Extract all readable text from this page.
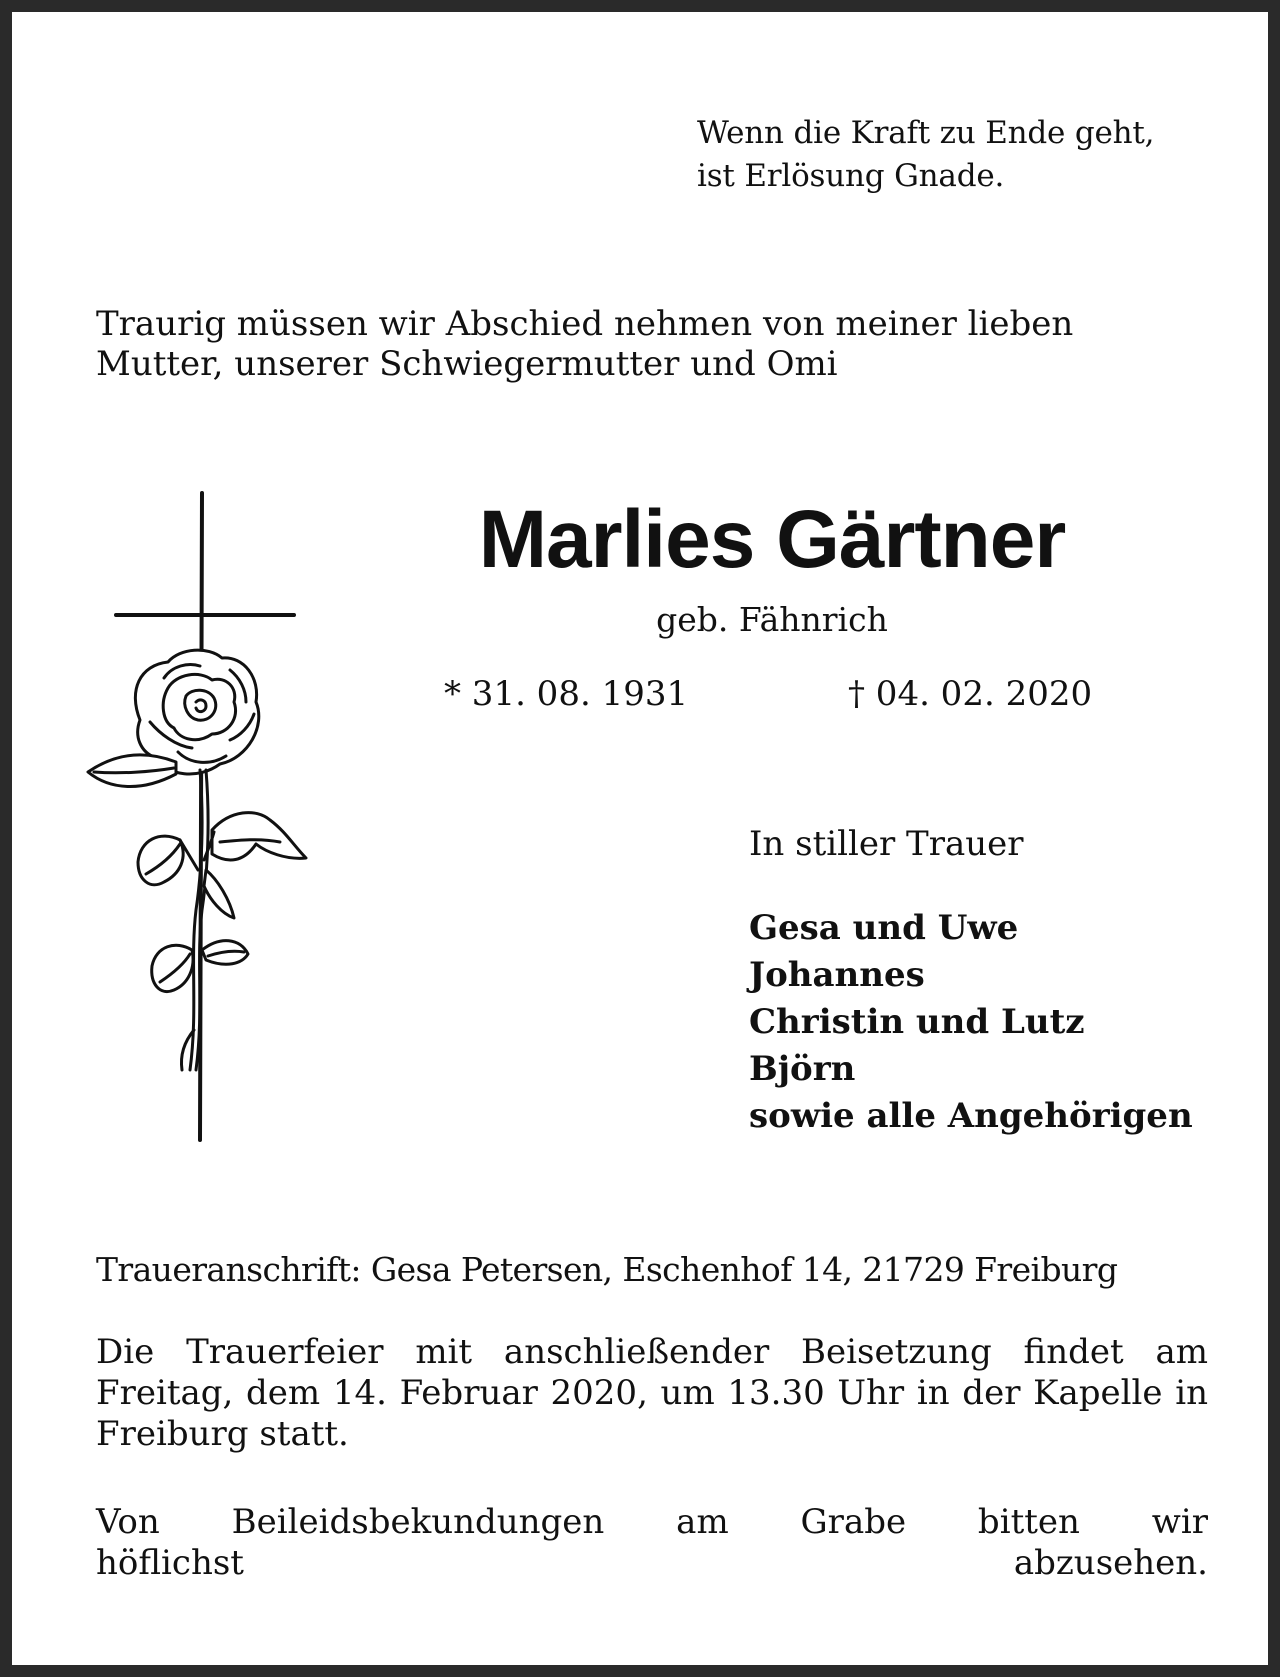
Wenn die Kraft zu Ende geht,
ist Erlösung Gnade.
Traurig müssen wir Abschied nehmen von meiner lieben Mutter, unserer Schwiegermutter und Omi
Marlies Gärtner
geb. Fähnrich
* 31. 08. 1931	† 04. 02. 2020
In stiller Trauer
Gesa und Uwe
Johannes
Christin und Lutz
Björn
sowie alle Angehörigen
Traueranschrift: Gesa Petersen, Eschenhof 14, 21729 Freiburg
Die Trauerfeier mit anschließender Beisetzung findet am Freitag, dem 14. Februar 2020, um 13.30 Uhr in der Kapelle in Freiburg statt.
Von Beileidsbekundungen am Grabe bitten wir
höflichst abzusehen.
